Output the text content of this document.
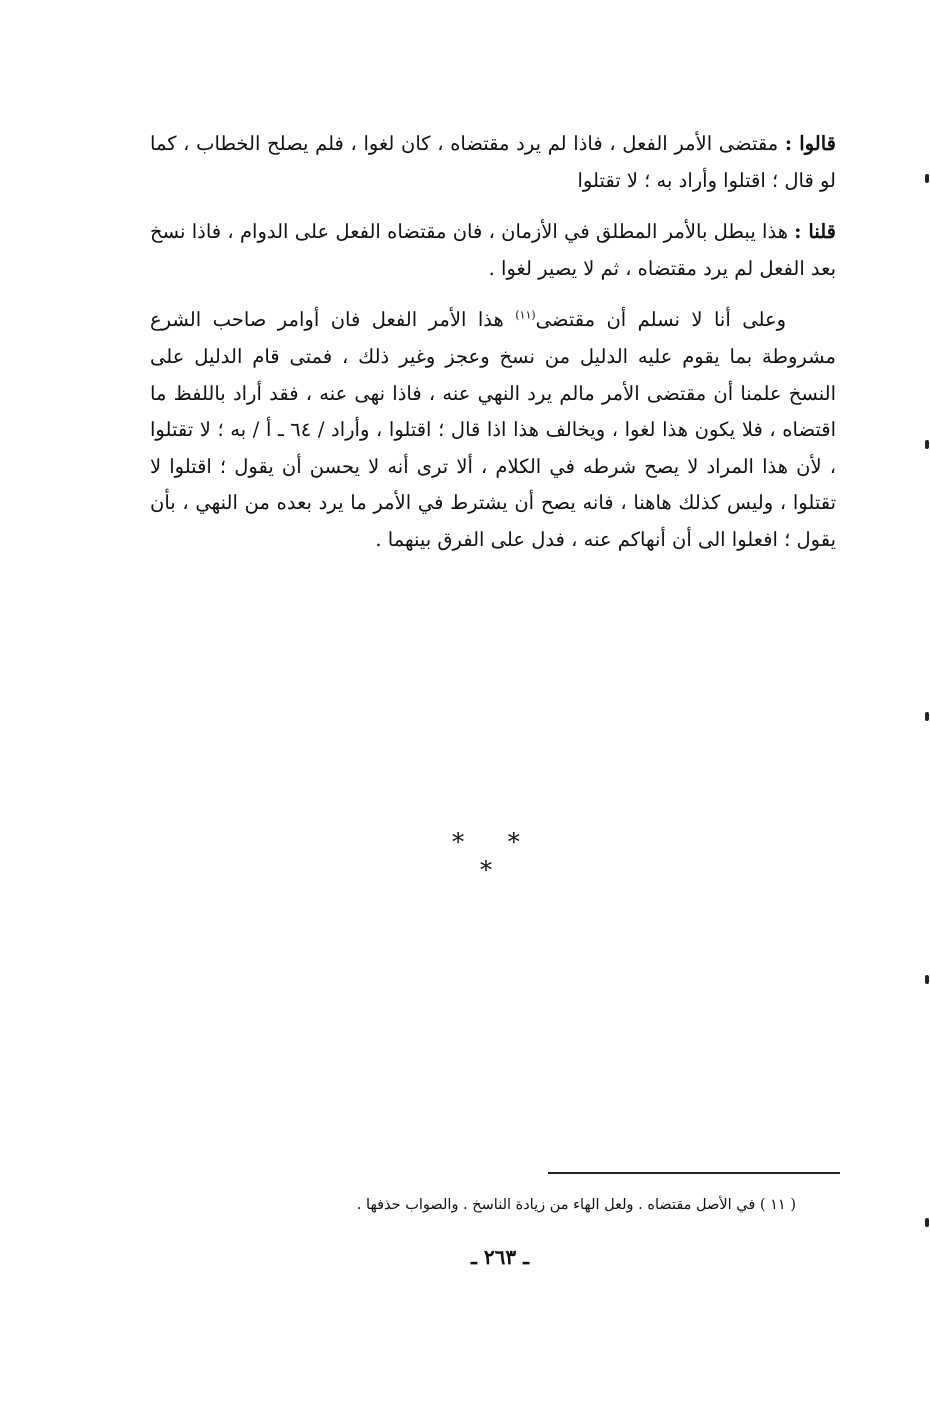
قالوا : مقتضى الأمر الفعل ، فاذا لم يرد مقتضاه ، كان لغوا ، فلم يصلح الخطاب ، كما لو قال ؛ اقتلوا وأراد به ؛ لا تقتلوا

قلنا : هذا يبطل بالأمر المطلق في الأزمان ، فان مقتضاه الفعل على الدوام ، فاذا نسخ بعد الفعل لم يرد مقتضاه ، ثم لا يصير لغوا .

وعلى أنا لا نسلم أن مقتضى$^{(١١)}$ هذا الأمر الفعل فان أوامر صاحب الشرع مشروطة بما يقوم عليه الدليل من نسخ وعجز وغير ذلك ، فمتى قام الدليل على النسخ علمنا أن مقتضى الأمر مالم يرد النهي عنه ، فاذا نهى عنه ، فقد أراد باللفظ ما اقتضاه ، فلا يكون هذا لغوا ، ويخالف هذا اذا قال ؛ اقتلوا ، وأراد / ٦٤ ـ أ / به ؛ لا تقتلوا ، لأن هذا المراد لا يصح شرطه في الكلام ، ألا ترى أنه لا يحسن أن يقول ؛ اقتلوا لا تقتلوا ، وليس كذلك هاهنا ، فانه يصح أن يشترط في الأمر ما يرد بعده من النهي ، بأن يقول ؛ افعلوا الى أن أنهاكم عنه ، فدل على الفرق بينهما .

* * *
( ١١ ) في الأصل مقتضاه . ولعل الهاء من زيادة الناسخ . والصواب حذفها .
ـ ٢٦٣ ـ
